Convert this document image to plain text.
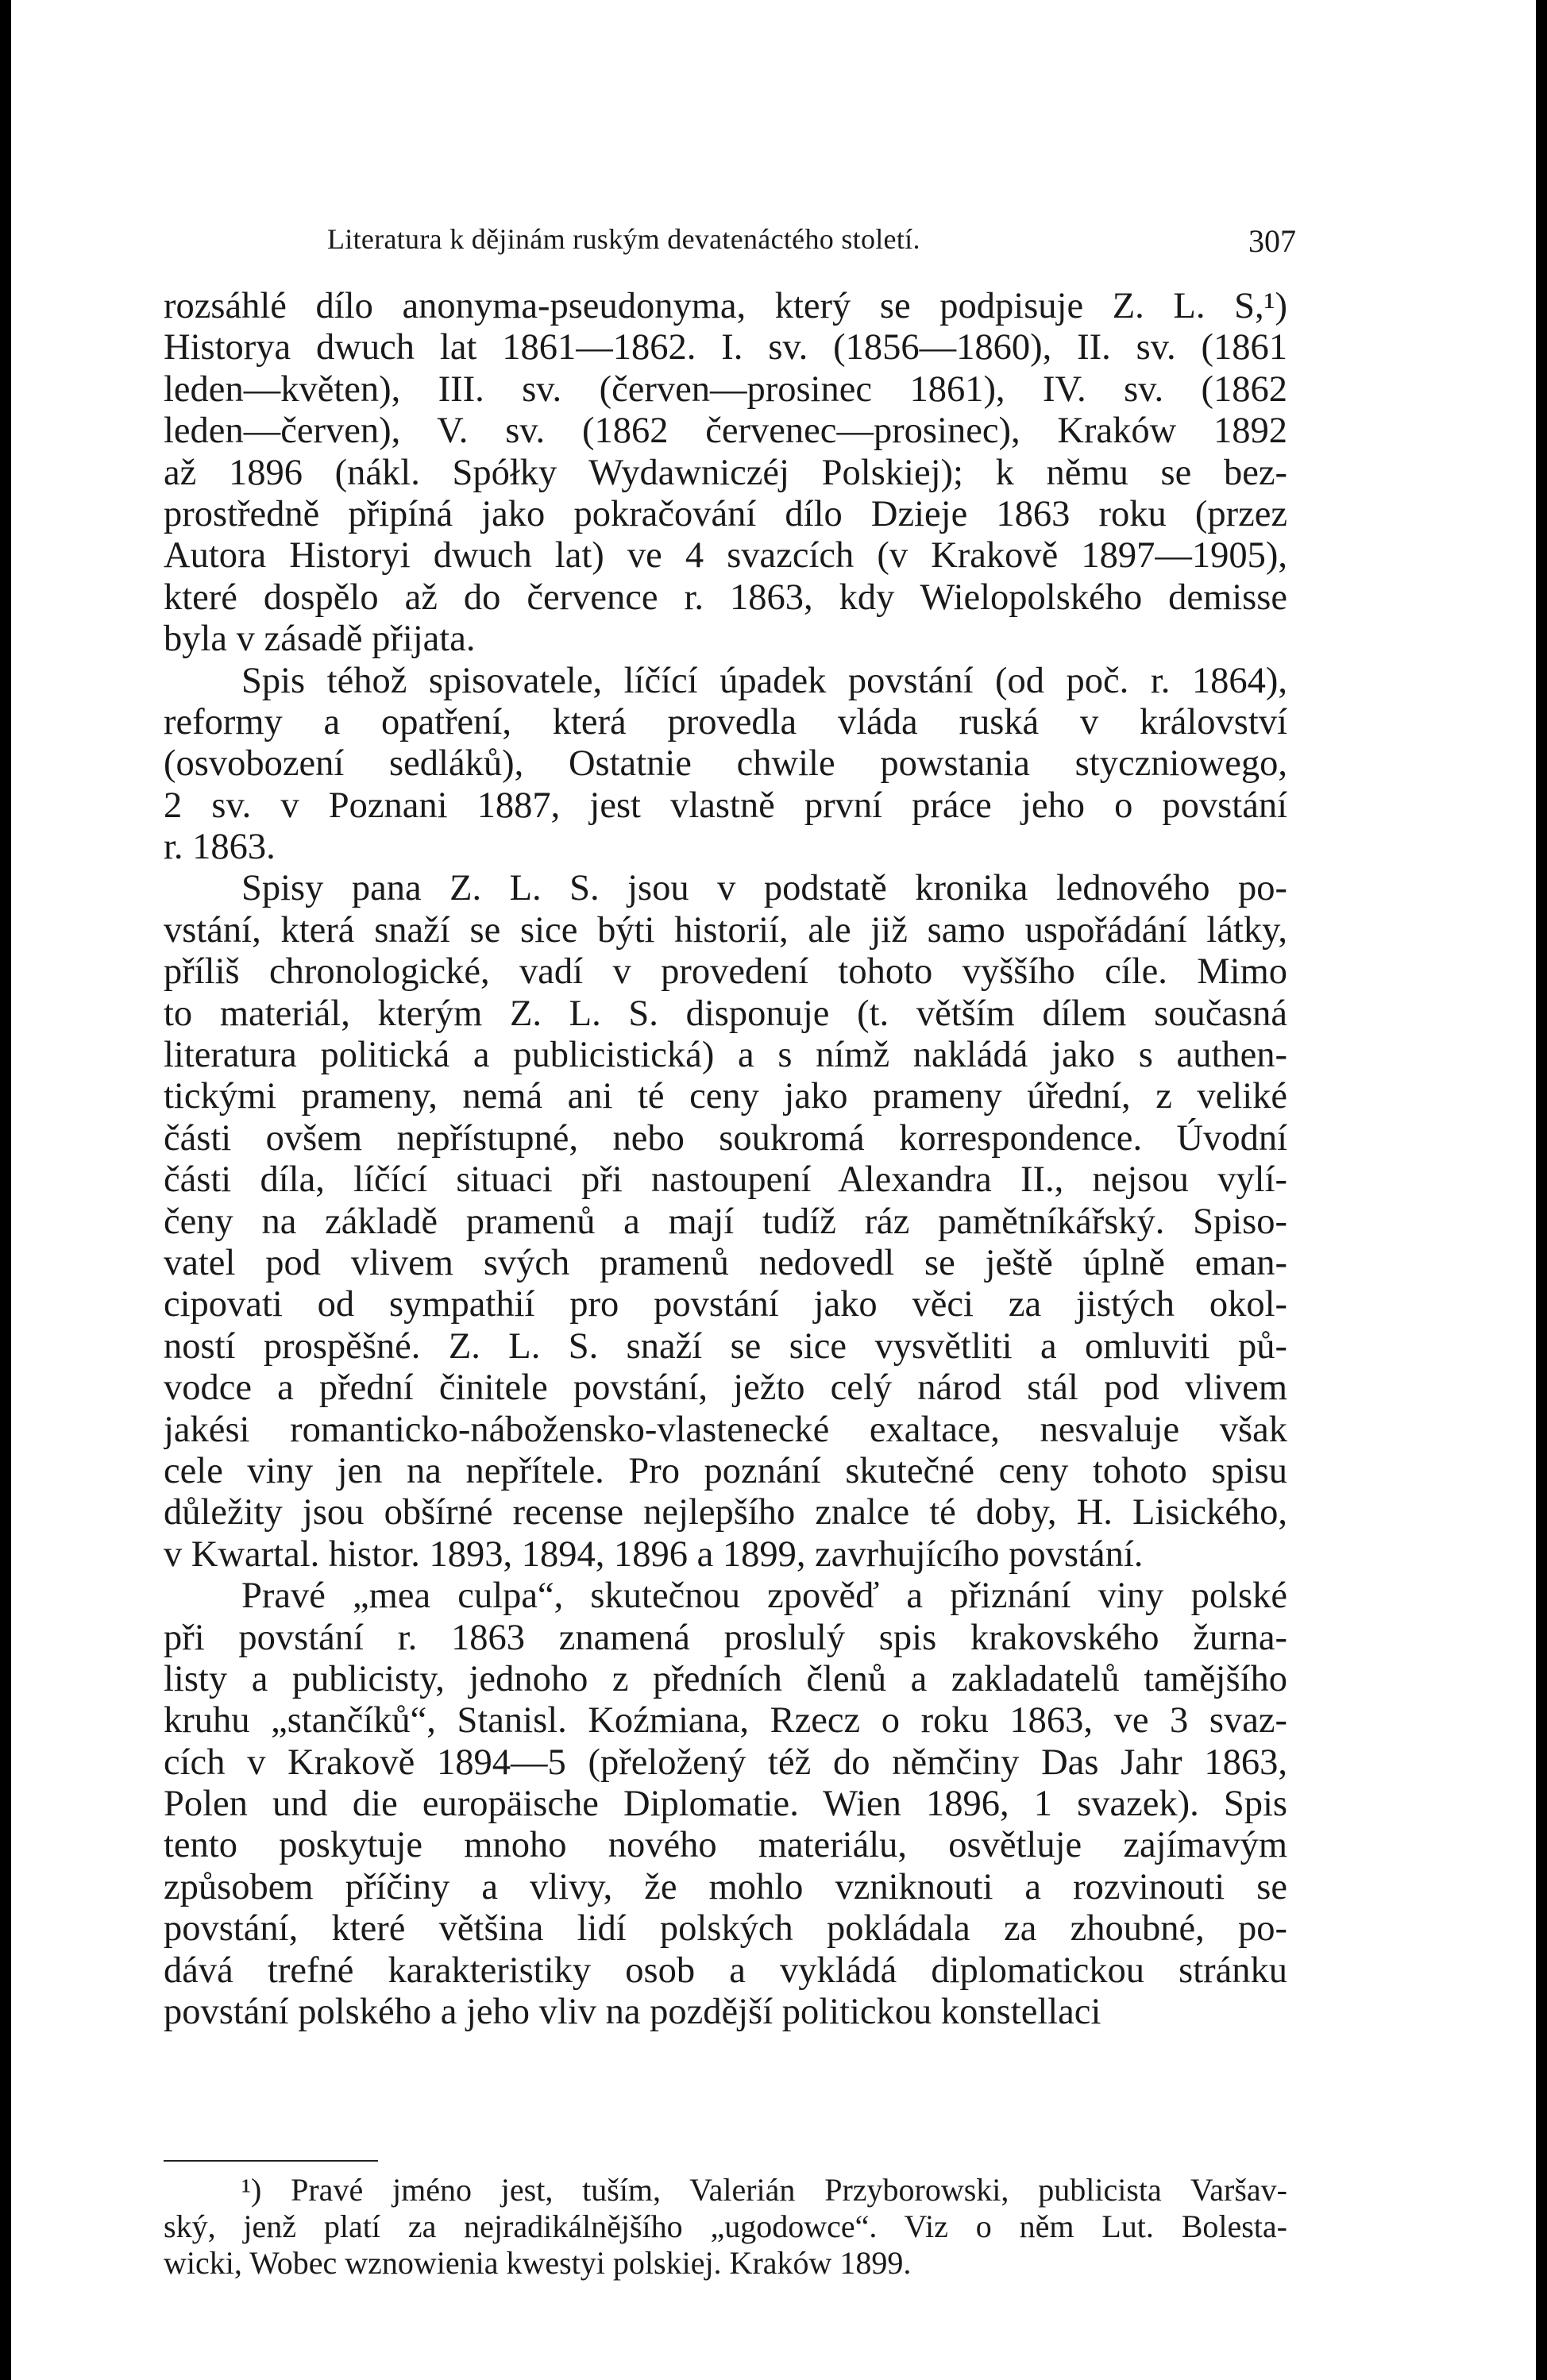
Literatura k dějinám ruským devatenáctého století.	307
rozsáhlé dílo anonyma-pseudonyma, který se podpisuje Z. L. S,¹)
Historya dwuch lat 1861—1862. I. sv. (1856—1860), II. sv. (1861
leden—květen), III. sv. (červen—prosinec 1861), IV. sv. (1862
leden—červen), V. sv. (1862 červenec—prosinec), Kraków 1892
až 1896 (nákl. Spółky Wydawniczéj Polskiej); k němu se bez-
prostředně připíná jako pokračování dílo Dzieje 1863 roku (przez
Autora Historyi dwuch lat) ve 4 svazcích (v Krakově 1897—1905),
které dospělo až do července r. 1863, kdy Wielopolského demisse
byla v zásadě přijata.
Spis téhož spisovatele, líčící úpadek povstání (od poč. r. 1864),
reformy a opatření, která provedla vláda ruská v království
(osvobození sedláků), Ostatnie chwile powstania styczniowego,
2 sv. v Poznani 1887, jest vlastně první práce jeho o povstání
r. 1863.
Spisy pana Z. L. S. jsou v podstatě kronika lednového po-
vstání, která snaží se sice býti historií, ale již samo uspořádání látky,
příliš chronologické, vadí v provedení tohoto vyššího cíle. Mimo
to materiál, kterým Z. L. S. disponuje (t. větším dílem současná
literatura politická a publicistická) a s nímž nakládá jako s authen-
tickými prameny, nemá ani té ceny jako prameny úřední, z veliké
části ovšem nepřístupné, nebo soukromá korrespondence. Úvodní
části díla, líčící situaci při nastoupení Alexandra II., nejsou vylí-
čeny na základě pramenů a mají tudíž ráz pamětníkářský. Spiso-
vatel pod vlivem svých pramenů nedovedl se ještě úplně eman-
cipovati od sympathií pro povstání jako věci za jistých okol-
ností prospěšné. Z. L. S. snaží se sice vysvětliti a omluviti pů-
vodce a přední činitele povstání, ježto celý národ stál pod vlivem
jakési romanticko-nábožensko-vlastenecké exaltace, nesvaluje však
cele viny jen na nepřítele. Pro poznání skutečné ceny tohoto spisu
důležity jsou obšírné recense nejlepšího znalce té doby, H. Lisického,
v Kwartal. histor. 1893, 1894, 1896 a 1899, zavrhujícího povstání.
Pravé „mea culpa“, skutečnou zpověď a přiznání viny polské
při povstání r. 1863 znamená proslulý spis krakovského žurna-
listy a publicisty, jednoho z předních členů a zakladatelů tamějšího
kruhu „stančíků“, Stanisl. Koźmiana, Rzecz o roku 1863, ve 3 svaz-
cích v Krakově 1894—5 (přeložený též do němčiny Das Jahr 1863,
Polen und die europäische Diplomatie. Wien 1896, 1 svazek). Spis
tento poskytuje mnoho nového materiálu, osvětluje zajímavým
způsobem příčiny a vlivy, že mohlo vzniknouti a rozvinouti se
povstání, které většina lidí polských pokládala za zhoubné, po-
dává trefné karakteristiky osob a vykládá diplomatickou stránku
povstání polského a jeho vliv na pozdější politickou konstellaci
¹) Pravé jméno jest, tuším, Valerián Przyborowski, publicista Varšav-
ský, jenž platí za nejradikálnějšího „ugodowce“. Viz o něm Lut. Bolesta-
wicki, Wobec wznowienia kwestyi polskiej. Kraków 1899.
